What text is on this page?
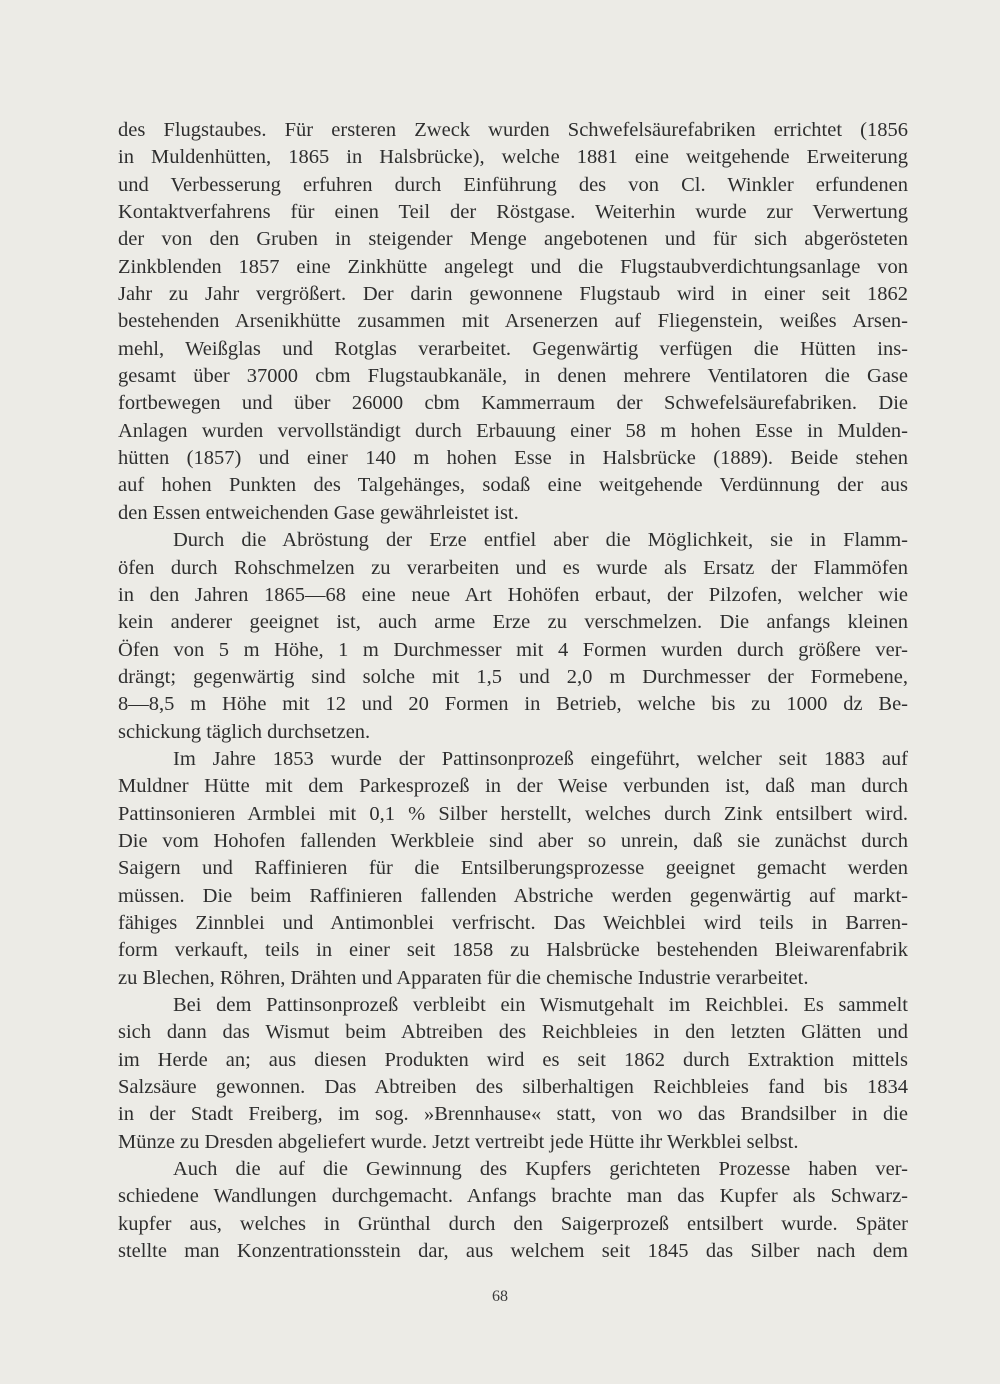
des Flugstaubes. Für ersteren Zweck wurden Schwefelsäurefabriken errichtet (1856
in Muldenhütten, 1865 in Halsbrücke), welche 1881 eine weitgehende Erweiterung
und Verbesserung erfuhren durch Einführung des von Cl. Winkler erfundenen
Kontaktverfahrens für einen Teil der Röstgase. Weiterhin wurde zur Verwertung
der von den Gruben in steigender Menge angebotenen und für sich abgerösteten
Zinkblenden 1857 eine Zinkhütte angelegt und die Flugstaubverdichtungsanlage von
Jahr zu Jahr vergrößert. Der darin gewonnene Flugstaub wird in einer seit 1862
bestehenden Arsenikhütte zusammen mit Arsenerzen auf Fliegenstein, weißes Arsen-
mehl, Weißglas und Rotglas verarbeitet. Gegenwärtig verfügen die Hütten ins-
gesamt über 37000 cbm Flugstaubkanäle, in denen mehrere Ventilatoren die Gase
fortbewegen und über 26000 cbm Kammerraum der Schwefelsäurefabriken. Die
Anlagen wurden vervollständigt durch Erbauung einer 58 m hohen Esse in Mulden-
hütten (1857) und einer 140 m hohen Esse in Halsbrücke (1889). Beide stehen
auf hohen Punkten des Talgehänges, sodaß eine weitgehende Verdünnung der aus
den Essen entweichenden Gase gewährleistet ist.
Durch die Abröstung der Erze entfiel aber die Möglichkeit, sie in Flamm-
öfen durch Rohschmelzen zu verarbeiten und es wurde als Ersatz der Flammöfen
in den Jahren 1865—68 eine neue Art Hohöfen erbaut, der Pilzofen, welcher wie
kein anderer geeignet ist, auch arme Erze zu verschmelzen. Die anfangs kleinen
Öfen von 5 m Höhe, 1 m Durchmesser mit 4 Formen wurden durch größere ver-
drängt; gegenwärtig sind solche mit 1,5 und 2,0 m Durchmesser der Formebene,
8—8,5 m Höhe mit 12 und 20 Formen in Betrieb, welche bis zu 1000 dz Be-
schickung täglich durchsetzen.
Im Jahre 1853 wurde der Pattinsonprozeß eingeführt, welcher seit 1883 auf
Muldner Hütte mit dem Parkesprozeß in der Weise verbunden ist, daß man durch
Pattinsonieren Armblei mit 0,1 % Silber herstellt, welches durch Zink entsilbert wird.
Die vom Hohofen fallenden Werkbleie sind aber so unrein, daß sie zunächst durch
Saigern und Raffinieren für die Entsilberungsprozesse geeignet gemacht werden
müssen. Die beim Raffinieren fallenden Abstriche werden gegenwärtig auf markt-
fähiges Zinnblei und Antimonblei verfrischt. Das Weichblei wird teils in Barren-
form verkauft, teils in einer seit 1858 zu Halsbrücke bestehenden Bleiwarenfabrik
zu Blechen, Röhren, Drähten und Apparaten für die chemische Industrie verarbeitet.
Bei dem Pattinsonprozeß verbleibt ein Wismutgehalt im Reichblei. Es sammelt
sich dann das Wismut beim Abtreiben des Reichbleies in den letzten Glätten und
im Herde an; aus diesen Produkten wird es seit 1862 durch Extraktion mittels
Salzsäure gewonnen. Das Abtreiben des silberhaltigen Reichbleies fand bis 1834
in der Stadt Freiberg, im sog. »Brennhause« statt, von wo das Brandsilber in die
Münze zu Dresden abgeliefert wurde. Jetzt vertreibt jede Hütte ihr Werkblei selbst.
Auch die auf die Gewinnung des Kupfers gerichteten Prozesse haben ver-
schiedene Wandlungen durchgemacht. Anfangs brachte man das Kupfer als Schwarz-
kupfer aus, welches in Grünthal durch den Saigerprozeß entsilbert wurde. Später
stellte man Konzentrationsstein dar, aus welchem seit 1845 das Silber nach dem
68
